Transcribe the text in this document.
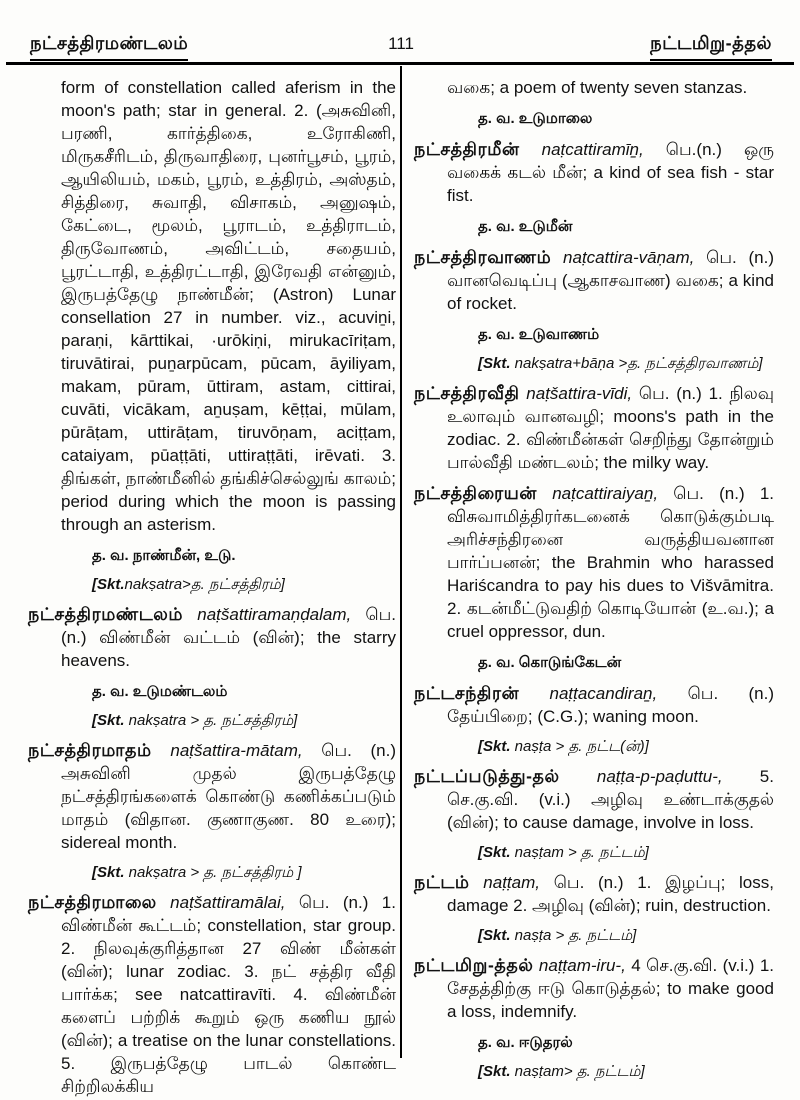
நட்சத்திரமண்டலம்	111	நட்டமிறு-த்தல்

form of constellation called aferism in the moon's path; star in general. 2. (அசுவினி, பரணி, கார்த்திகை, உரோகிணி, மிருகசீரிடம், திருவாதிரை, புனர்பூசம், பூரம், ஆயிலியம், மகம், பூரம், உத்திரம், அஸ்தம், சித்திரை, சுவாதி, விசாகம், அனுஷம், கேட்டை, மூலம், பூராடம், உத்திராடம், திருவோணம், அவிட்டம், சதையம், பூரட்டாதி, உத்திரட்டாதி, இரேவதி என்னும், இருபத்தேழு நாண்மீன்; (Astron) Lunar consellation 27 in number. viz., acuviṉi, paraṇi, kārttikai, ·urōkiṇi, mirukacīriṭam, tiruvātirai, puṉarpūcam, pūcam, āyiliyam, makam, pūram, ūttiram, astam, cittirai, cuvāti, vicākam, aṉuṣam, kēṭṭai, mūlam, pūrāṭam, uttirāṭam, tiruvōṇam, aciṭṭam, cataiyam, pūaṭṭāti, uttiraṭṭāti, irēvati. 3. திங்கள், நாண்மீனில் தங்கிச்செல்லுங் காலம்; period during which the moon is passing through an asterism.

த. வ. நாண்மீன், உடு.

[Skt.nakṣatra>த. நட்சத்திரம்]

நட்சத்திரமண்டலம் naṭšattiramaṇḍalam, பெ. (n.) விண்மீன் வட்டம் (வின்); the starry heavens.

த. வ. உடுமண்டலம்

[Skt. nakṣatra > த. நட்சத்திரம்]

நட்சத்திரமாதம் naṭšattira-mātam, பெ. (n.) அசுவினி முதல் இருபத்தேழு நட்சத்திரங்களைக் கொண்டு கணிக்கப்படும் மாதம் (விதான. குணாகுண. 80 உரை); sidereal month.

[Skt. nakṣatra > த. நட்சத்திரம் ]

நட்சத்திரமாலை naṭšattiramālai, பெ. (n.) 1. விண்மீன் கூட்டம்; constellation, star group. 2. நிலவுக்குரித்தான 27 விண் மீன்கள் (வின்); lunar zodiac. 3. நட் சத்திர வீதி பார்க்க; see natcattiravīti. 4. விண்மீன் களைப் பற்றிக் கூறும் ஒரு கணிய நூல் (வின்); a treatise on the lunar constellations. 5. இருபத்தேழு பாடல் கொண்ட சிற்றிலக்கிய

வகை; a poem of twenty seven stanzas.

த. வ. உடுமாலை

நட்சத்திரமீன் naṭcattiramīṉ, பெ.(n.) ஒரு வகைக் கடல் மீன்; a kind of sea fish - star fist.

த. வ. உடுமீன்

நட்சத்திரவாணம் naṭcattira-vāṇam, பெ. (n.) வானவெடிப்பு (ஆகாசவாண) வகை; a kind of rocket.

த. வ. உடுவாணம்

[Skt. nakṣatra+bāṇa >த. நட்சத்திரவாணம்]

நட்சத்திரவீதி naṭšattira-vīdi, பெ. (n.) 1. நிலவு உலாவும் வானவழி; moons's path in the zodiac. 2. விண்மீன்கள் செறிந்து தோன்றும் பால்வீதி மண்டலம்; the milky way.

நட்சத்திரையன் naṭcattiraiyaṉ, பெ. (n.) 1. விசுவாமித்திரர்கடனைக் கொடுக்கும்படி அரிச்சந்திரனை வருத்தியவனான பார்ப்பனன்; the Brahmin who harassed Hariścandra to pay his dues to Višvāmitra. 2. கடன்மீட்டுவதிற் கொடியோன் (உ.வ.); a cruel oppressor, dun.

த. வ. கொடுங்கேடன்

நட்டசந்திரன் naṭṭacandiraṉ, பெ. (n.) தேய்பிறை; (C.G.); waning moon.

[Skt. naṣṭa > த. நட்ட(ன்)]

நட்டப்படுத்து-தல் naṭṭa-p-paḍuttu-, 5. செ.கு.வி. (v.i.) அழிவு உண்டாக்குதல் (வின்); to cause damage, involve in loss.

[Skt. naṣṭam > த. நட்டம்]

நட்டம் naṭṭam, பெ. (n.) 1. இழப்பு; loss, damage 2. அழிவு (வின்); ruin, destruction.

[Skt. naṣṭa > த. நட்டம்]

நட்டமிறு-த்தல் naṭṭam-iru-, 4 செ.கு.வி. (v.i.) 1. சேதத்திற்கு ஈடு கொடுத்தல்; to make good a loss, indemnify.

த. வ. ஈடுதரல்

[Skt. naṣṭam> த. நட்டம்]
